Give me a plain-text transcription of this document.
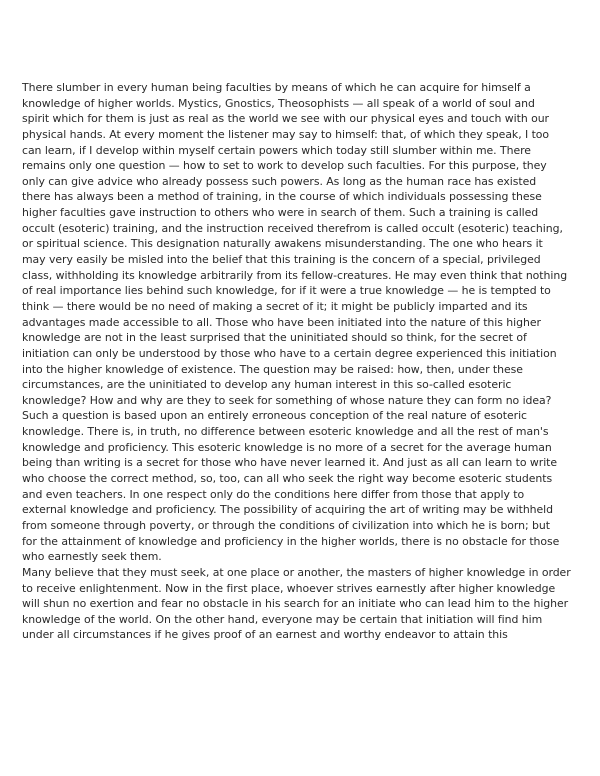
There slumber in every human being faculties by means of which he can acquire for himself a
knowledge of higher worlds. Mystics, Gnostics, Theosophists — all speak of a world of soul and
spirit which for them is just as real as the world we see with our physical eyes and touch with our
physical hands. At every moment the listener may say to himself: that, of which they speak, I too
can learn, if I develop within myself certain powers which today still slumber within me. There
remains only one question — how to set to work to develop such faculties. For this purpose, they
only can give advice who already possess such powers. As long as the human race has existed
there has always been a method of training, in the course of which individuals possessing these
higher faculties gave instruction to others who were in search of them. Such a training is called
occult (esoteric) training, and the instruction received therefrom is called occult (esoteric) teaching,
or spiritual science. This designation naturally awakens misunderstanding. The one who hears it
may very easily be misled into the belief that this training is the concern of a special, privileged
class, withholding its knowledge arbitrarily from its fellow-creatures. He may even think that nothing
of real importance lies behind such knowledge, for if it were a true knowledge — he is tempted to
think — there would be no need of making a secret of it; it might be publicly imparted and its
advantages made accessible to all. Those who have been initiated into the nature of this higher
knowledge are not in the least surprised that the uninitiated should so think, for the secret of
initiation can only be understood by those who have to a certain degree experienced this initiation
into the higher knowledge of existence. The question may be raised: how, then, under these
circumstances, are the uninitiated to develop any human interest in this so-called esoteric
knowledge? How and why are they to seek for something of whose nature they can form no idea?
Such a question is based upon an entirely erroneous conception of the real nature of esoteric
knowledge. There is, in truth, no difference between esoteric knowledge and all the rest of man's
knowledge and proficiency. This esoteric knowledge is no more of a secret for the average human
being than writing is a secret for those who have never learned it. And just as all can learn to write
who choose the correct method, so, too, can all who seek the right way become esoteric students
and even teachers. In one respect only do the conditions here differ from those that apply to
external knowledge and proficiency. The possibility of acquiring the art of writing may be withheld
from someone through poverty, or through the conditions of civilization into which he is born; but
for the attainment of knowledge and proficiency in the higher worlds, there is no obstacle for those
who earnestly seek them.
Many believe that they must seek, at one place or another, the masters of higher knowledge in order
to receive enlightenment. Now in the first place, whoever strives earnestly after higher knowledge
will shun no exertion and fear no obstacle in his search for an initiate who can lead him to the higher
knowledge of the world. On the other hand, everyone may be certain that initiation will find him
under all circumstances if he gives proof of an earnest and worthy endeavor to attain this
